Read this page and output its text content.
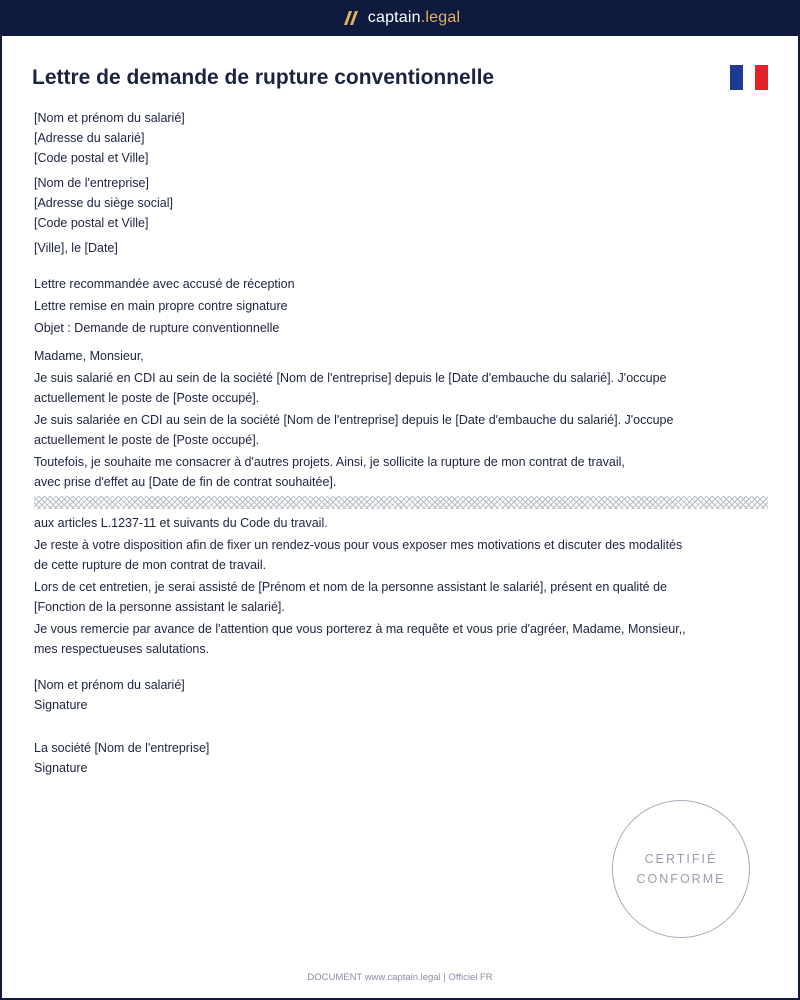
captain.legal
Lettre de demande de rupture conventionnelle
[Nom et prénom du salarié]
[Adresse du salarié]
[Code postal et Ville]
[Nom de l'entreprise]
[Adresse du siège social]
[Code postal et Ville]
[Ville], le [Date]
Lettre recommandée avec accusé de réception
Lettre remise en main propre contre signature
Objet : Demande de rupture conventionnelle
Madame, Monsieur,
Je suis salarié en CDI au sein de la société [Nom de l'entreprise] depuis le [Date d'embauche du salarié]. J'occupe
actuellement le poste de [Poste occupé].
Je suis salariée en CDI au sein de la société [Nom de l'entreprise] depuis le [Date d'embauche du salarié]. J'occupe
actuellement le poste de [Poste occupé].
Toutefois, je souhaite me consacrer à d'autres projets. Ainsi, je sollicite la rupture de mon contrat de travail,
avec prise d'effet au [Date de fin de contrat souhaitée].
aux articles L.1237-11 et suivants du Code du travail.
Je reste à votre disposition afin de fixer un rendez-vous pour vous exposer mes motivations et discuter des modalités
de cette rupture de mon contrat de travail.
Lors de cet entretien, je serai assisté de [Prénom et nom de la personne assistant le salarié], présent en qualité de
[Fonction de la personne assistant le salarié].
Je vous remercie par avance de l'attention que vous porterez à ma requête et vous prie d'agréer, Madame, Monsieur,,
mes respectueuses salutations.
[Nom et prénom du salarié]
Signature
La société [Nom de l'entreprise]
Signature
CERTIFIÉ
CONFORME
DOCUMENT www.captain.legal | Officiel FR
